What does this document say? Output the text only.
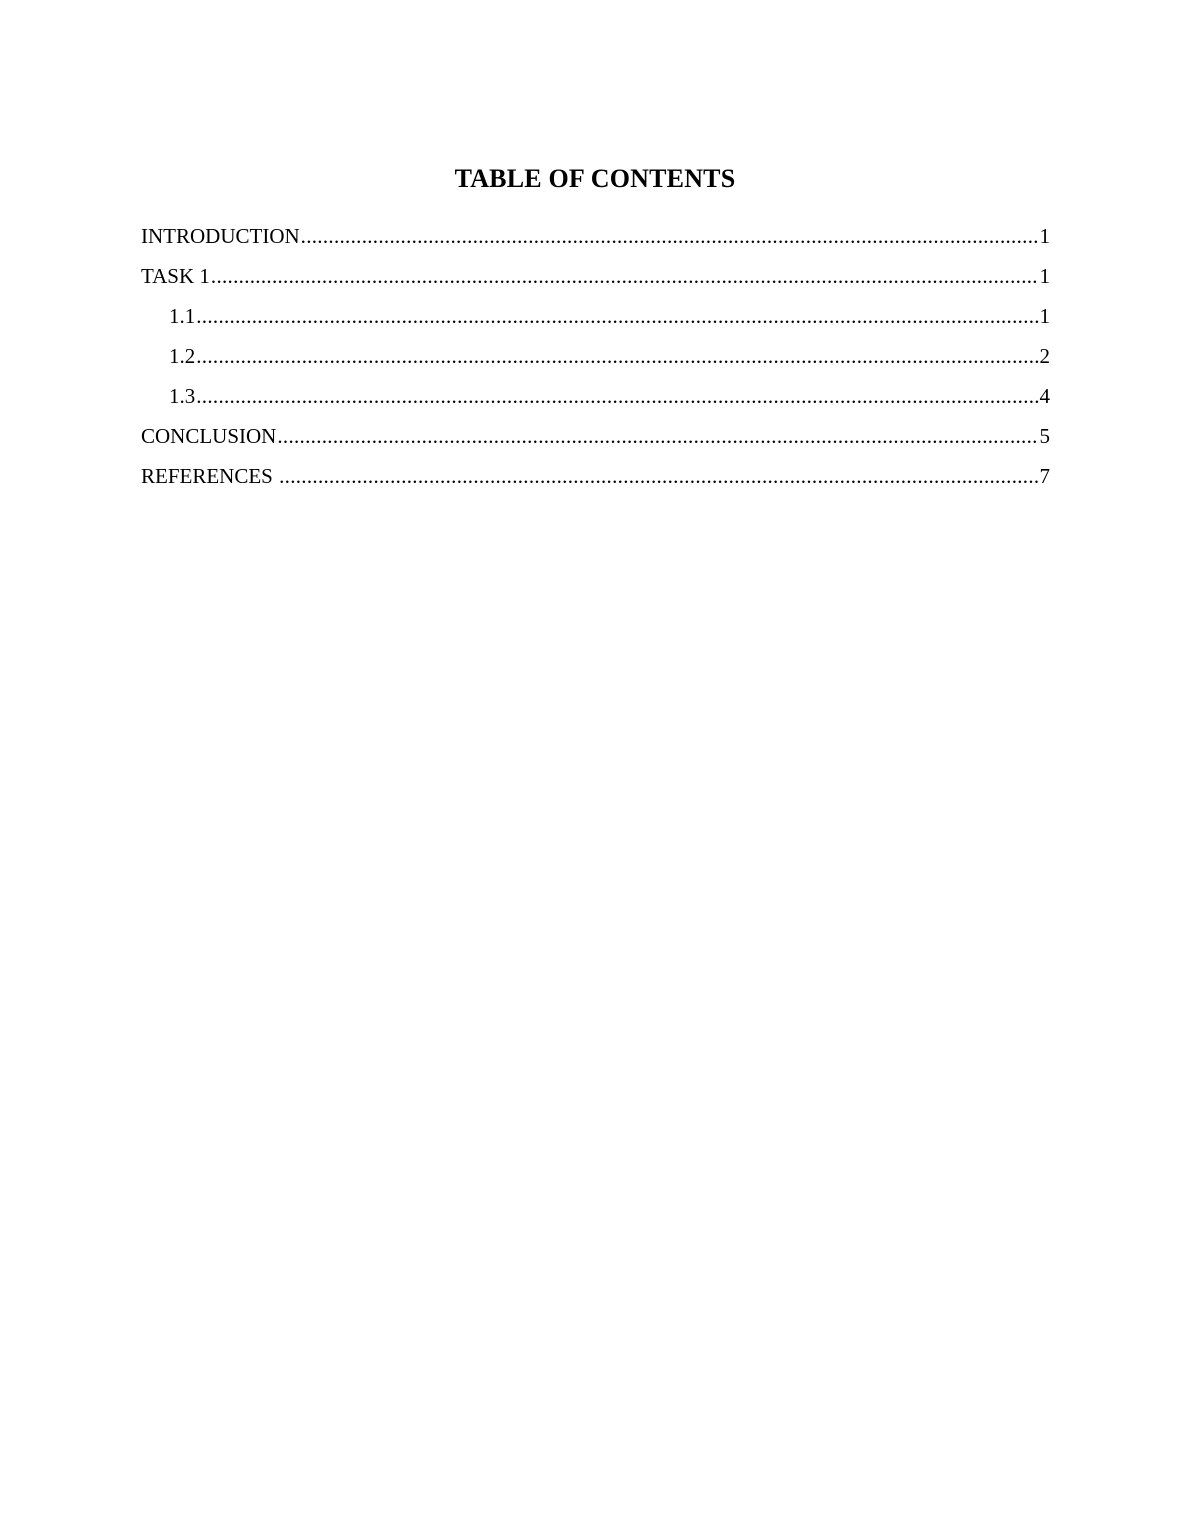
TABLE OF CONTENTS
INTRODUCTION .....	1
TASK 1 .....	1
1.1 .....	1
1.2 .....	2
1.3 .....	4
CONCLUSION .....	5
REFERENCES .....	7
